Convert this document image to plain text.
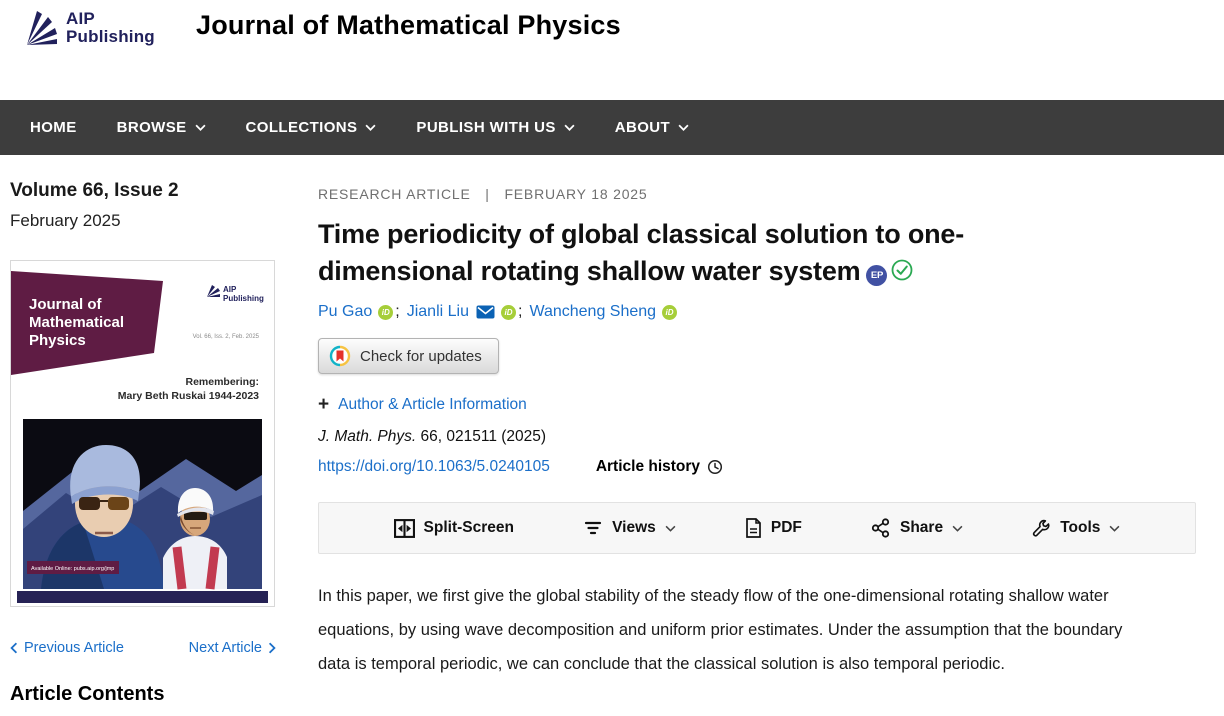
AIP
Publishing Journal of Mathematical Physics
HOME	BROWSE	COLLECTIONS	PUBLISH WITH US	ABOUT
Volume 66, Issue 2
February 2025
Journal of
Mathematical
Physics
AIP
Publishing
Vol. 66, Iss. 2, Feb. 2025
Remembering:
Mary Beth Ruskai 1944-2023
Available Online: pubs.aip.org/jmp
Previous Article	Next Article
Article Contents
RESEARCH ARTICLE | FEBRUARY 18 2025
Time periodicity of global classical solution to one-dimensional rotating shallow water system EP
Pu Gao iD ; Jianli Liu	iD ; Wancheng Sheng iD
Check for updates
+ Author & Article Information
J. Math. Phys. 66, 021511 (2025)
https://doi.org/10.1063/5.0240105	Article history
Split-Screen	Views	PDF	Share	Tools

In this paper, we first give the global stability of the steady flow of the one-dimensional rotating shallow water equations, by using wave decomposition and uniform prior estimates. Under the assumption that the boundary data is temporal periodic, we can conclude that the classical solution is also temporal periodic.
